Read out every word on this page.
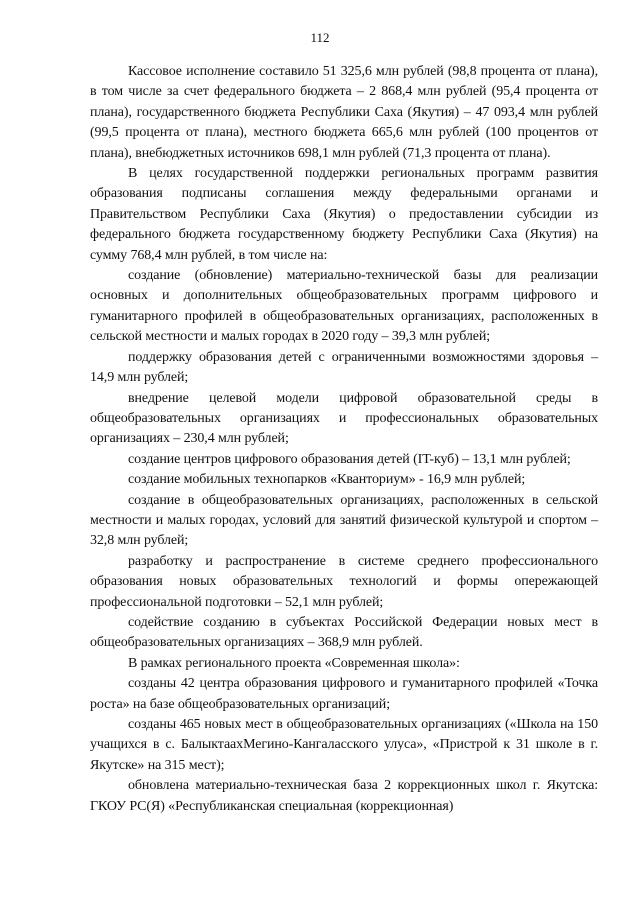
112

Кассовое исполнение составило 51 325,6 млн рублей (98,8 процента от плана), в том числе за счет федерального бюджета – 2 868,4 млн рублей (95,4 процента от плана), государственного бюджета Республики Саха (Якутия) – 47 093,4 млн рублей (99,5 процента от плана), местного бюджета 665,6 млн рублей (100 процентов от плана), внебюджетных источников 698,1 млн рублей (71,3 процента от плана).

В целях государственной поддержки региональных программ развития образования подписаны соглашения между федеральными органами и Правительством Республики Саха (Якутия) о предоставлении субсидии из федерального бюджета государственному бюджету Республики Саха (Якутия) на сумму 768,4 млн рублей, в том числе на:

создание (обновление) материально-технической базы для реализации основных и дополнительных общеобразовательных программ цифрового и гуманитарного профилей в общеобразовательных организациях, расположенных в сельской местности и малых городах в 2020 году – 39,3 млн рублей;

поддержку образования детей с ограниченными возможностями здоровья – 14,9 млн рублей;

внедрение целевой модели цифровой образовательной среды в общеобразовательных организациях и профессиональных образовательных организациях – 230,4 млн рублей;

создание центров цифрового образования детей (IT-куб) – 13,1 млн рублей;

создание мобильных технопарков «Кванториум» - 16,9 млн рублей;

создание в общеобразовательных организациях, расположенных в сельской местности и малых городах, условий для занятий физической культурой и спортом – 32,8 млн рублей;

разработку и распространение в системе среднего профессионального образования новых образовательных технологий и формы опережающей профессиональной подготовки – 52,1 млн рублей;

содействие созданию в субъектах Российской Федерации новых мест в общеобразовательных организациях – 368,9 млн рублей.

В рамках регионального проекта «Современная школа»:

созданы 42 центра образования цифрового и гуманитарного профилей «Точка роста» на базе общеобразовательных организаций;

созданы 465 новых мест в общеобразовательных организациях («Школа на 150 учащихся в с. БалыктаахМегино-Кангаласского улуса», «Пристрой к 31 школе в г. Якутске» на 315 мест);

обновлена материально-техническая база 2 коррекционных школ г. Якутска: ГКОУ РС(Я) «Республиканская специальная (коррекционная)
